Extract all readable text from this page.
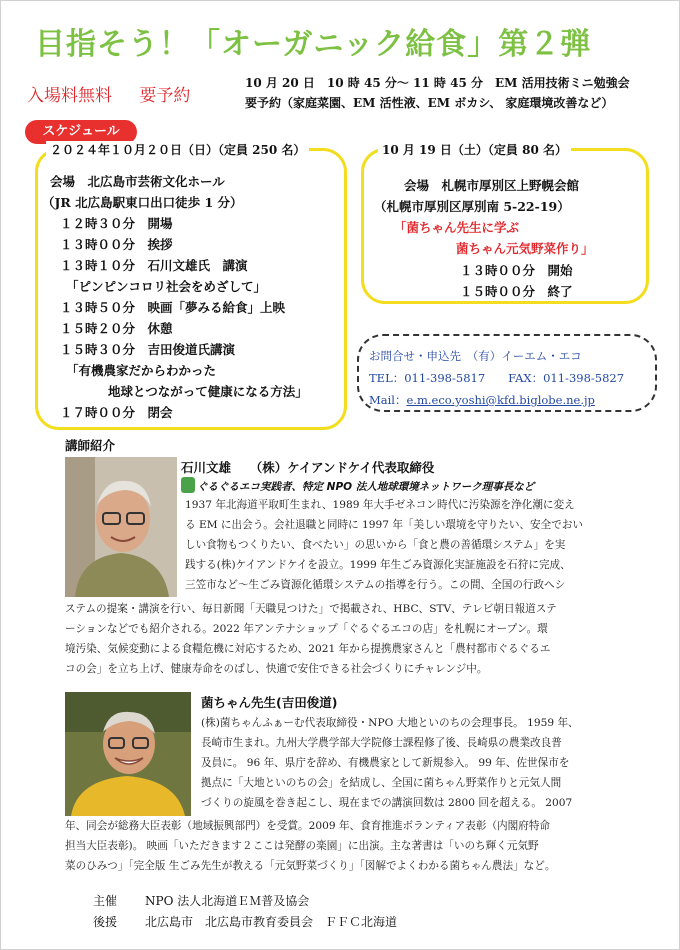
目指そう！「オーガニック給食」第２弾
入場料無料 要予約
10 月 20 日　10 時 45 分〜 11 時 45 分　EM 活用技術ミニ勉強会
要予約（家庭菜園、EM 活性液、EM ボカシ、 家庭環境改善など）
スケジュール
２０２４年１０月２０日（日）（定員 250 名）
会場　北広島市芸術文化ホール
（JR 北広島駅東口出口徒歩 1 分）
１２時３０分　開場
１３時００分　挨拶
１３時１０分　石川文雄氏　講演
「ピンピンコロリ社会をめざして」
１３時５０分　映画「夢みる給食」上映
１５時２０分　休憩
１５時３０分　吉田俊道氏講演
「有機農家だからわかった
地球とつながって健康になる方法」
１７時００分　閉会
10 月 19 日（土）（定員 80 名）
会場　札幌市厚別区上野幌会館
（札幌市厚別区厚別南 5-22-19）
「菌ちゃん先生に学ぶ
菌ちゃん元気野菜作り」
１３時００分　開始
１５時００分　終了
お問合せ・申込先　（有）イーエム・エコ
TEL：011-398-5817　　FAX：011-398-5827
Mail：e.m.eco.yoshi@kfd.biglobe.ne.jp
講師紹介
石川文雄　　（株）ケイアンドケイ代表取締役
ぐるぐるエコ実践者、特定 NPO 法人地球環境ネットワーク理事長など
1937 年北海道平取町生まれ、1989 年大手ゼネコン時代に汚染源を浄化潮に変え
る EM に出会う。会社退職と同時に 1997 年「美しい環境を守りたい、安全でおい
しい食物もつくりたい、食べたい」の思いから「食と農の善循環システム」を実
践する(株)ケイアンドケイを設立。1999 年生ごみ資源化実証施設を石狩に完成、
三笠市など〜生ごみ資源化循環システムの指導を行う。この間、全国の行政へシ
ステムの提案・講演を行い、毎日新聞「天職見つけた」で掲載され、HBC、STV、テレビ朝日報道ステ
ーションなどでも紹介される。2022 年アンテナショップ「ぐるぐるエコの店」を札幌にオープン。環
境汚染、気候変動による食糧危機に対応するため、2021 年から提携農家さんと「農村都市ぐるぐるエ
コの会」を立ち上げ、健康寿命をのばし、快適で安住できる社会づくりにチャレンジ中。
菌ちゃん先生(吉田俊道)
(株)菌ちゃんふぁーむ代表取締役・NPO 大地といのちの会理事長。 1959 年、
長崎市生まれ。九州大学農学部大学院修士課程修了後、長崎県の農業改良普
及員に。 96 年、県庁を辞め、有機農家として新規参入。 99 年、佐世保市を
拠点に「大地といのちの会」を結成し、全国に菌ちゃん野菜作りと元気人間
づくりの旋風を巻き起こし、現在までの講演回数は 2800 回を超える。 2007
年、同会が総務大臣表彰（地域振興部門）を受賞。2009 年、食育推進ボランティア表彰（内閣府特命
担当大臣表彰)。 映画「いただきます２ここは発酵の楽園」に出演。主な著書は「いのち輝く元気野
菜のひみつ」「完全版 生ごみ先生が教える「元気野菜づくり」「図解でよくわかる菌ちゃん農法」など。
主催 NPO 法人北海道ＥＭ普及協会
後援 北広島市　北広島市教育委員会　ＦＦＣ北海道
